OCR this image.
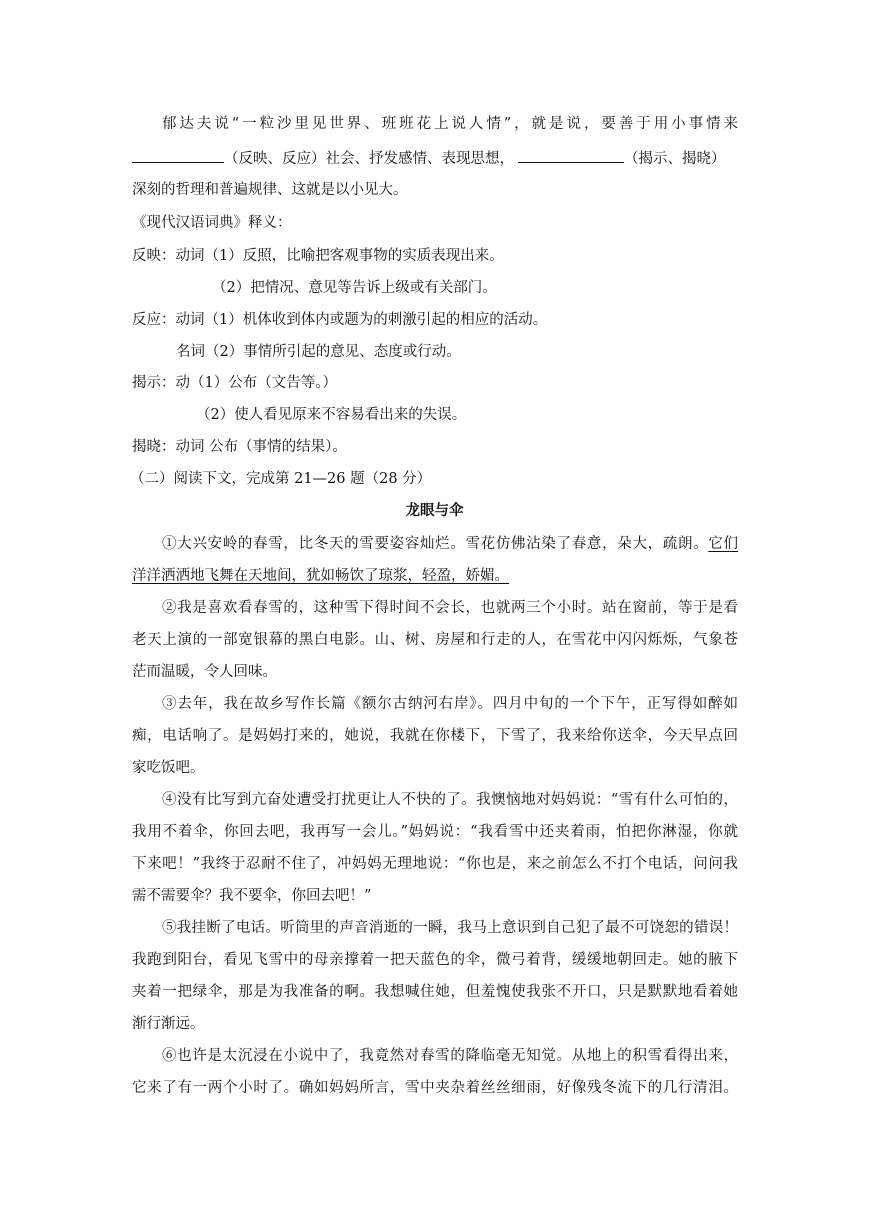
郁达夫说“一粒沙里见世界、班班花上说人情”，就是说，要善于用小事情来
（反映、反应）社会、抒发感情、表现思想，	（揭示、揭晓）
深刻的哲理和普遍规律、这就是以小见大。
《现代汉语词典》释义：
反映：动词（1）反照，比喻把客观事物的实质表现出来。
（2）把情况、意见等告诉上级或有关部门。
反应：动词（1）机体收到体内或题为的刺激引起的相应的活动。
名词（2）事情所引起的意见、态度或行动。
揭示：动（1）公布（文告等。）
（2）使人看见原来不容易看出来的失误。
揭晓：动词 公布（事情的结果）。
（二）阅读下文，完成第 21—26 题（28 分）
龙眼与伞
①大兴安岭的春雪，比冬天的雪要姿容灿烂。雪花仿佛沾染了春意，朵大，疏朗。它们
洋洋洒洒地飞舞在天地间，犹如畅饮了琼浆，轻盈，娇媚。
②我是喜欢看春雪的，这种雪下得时间不会长，也就两三个小时。站在窗前，等于是看
老天上演的一部宽银幕的黑白电影。山、树、房屋和行走的人，在雪花中闪闪烁烁，气象苍
茫而温暖，令人回味。
③去年，我在故乡写作长篇《额尔古纳河右岸》。四月中旬的一个下午，正写得如醉如
痴，电话响了。是妈妈打来的，她说，我就在你楼下，下雪了，我来给你送伞，今天早点回
家吃饭吧。
④没有比写到亢奋处遭受打扰更让人不快的了。我懊恼地对妈妈说：“雪有什么可怕的，
我用不着伞，你回去吧，我再写一会儿。”妈妈说：“我看雪中还夹着雨，怕把你淋湿，你就
下来吧！”我终于忍耐不住了，冲妈妈无理地说：“你也是，来之前怎么不打个电话，问问我
需不需要伞？我不要伞，你回去吧！”
⑤我挂断了电话。听筒里的声音消逝的一瞬，我马上意识到自己犯了最不可饶恕的错误！
我跑到阳台，看见飞雪中的母亲撑着一把天蓝色的伞，微弓着背，缓缓地朝回走。她的腋下
夹着一把绿伞，那是为我准备的啊。我想喊住她，但羞愧使我张不开口，只是默默地看着她
渐行渐远。
⑥也许是太沉浸在小说中了，我竟然对春雪的降临毫无知觉。从地上的积雪看得出来，
它来了有一两个小时了。确如妈妈所言，雪中夹杂着丝丝细雨，好像残冬流下的几行清泪。
